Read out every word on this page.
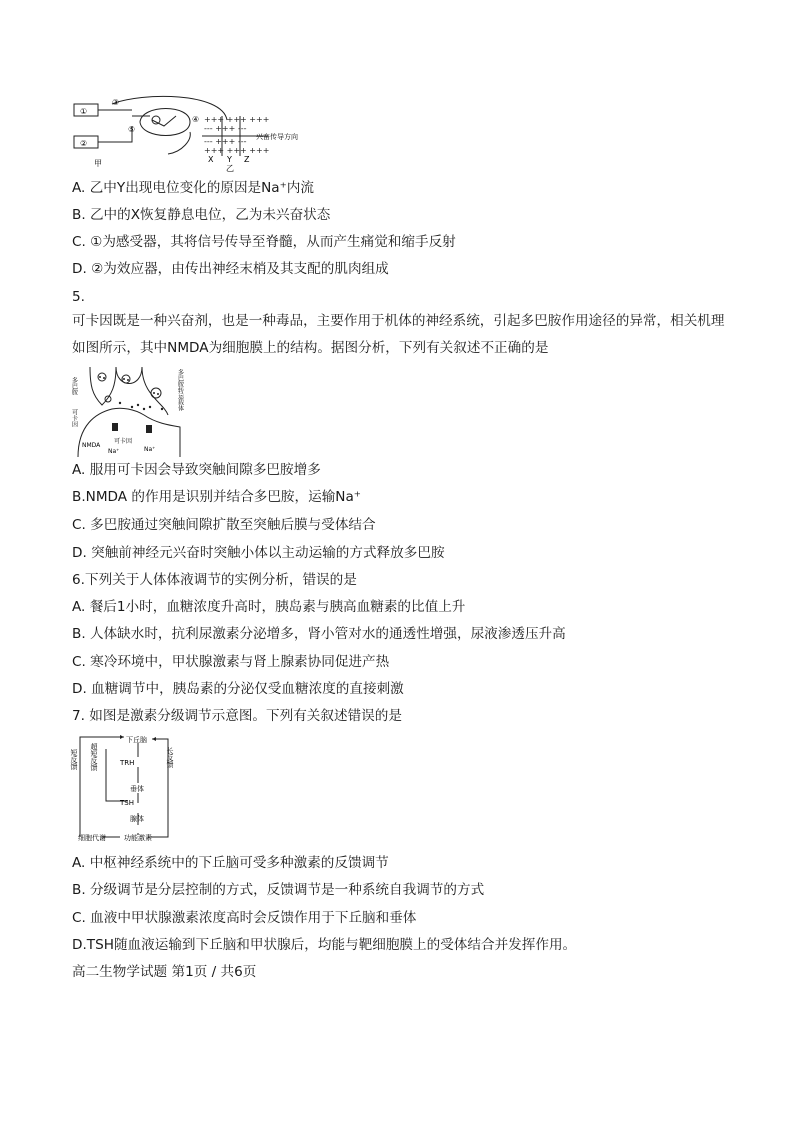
①
②
③
④
⑤
甲
+++ +++ +++
--- +++ ---
--- +++ ---
+++ +++ +++
兴奋传导方向
X Y Z
乙
A. 乙中Y出现电位变化的原因是Na⁺内流
B. 乙中的X恢复静息电位，乙为未兴奋状态
C. ①为感受器，其将信号传导至脊髓，从而产生痛觉和缩手反射
D. ②为效应器，由传出神经末梢及其支配的肌肉组成
5.
可卡因既是一种兴奋剂，也是一种毒品，主要作用于机体的神经系统，引起多巴胺作用途径的异常，相关机理如图所示，其中NMDA为细胞膜上的结构。据图分析，下列有关叙述不正确的是
多巴胺
可卡因
多巴胺转运载体
NMDA
可卡因
Na⁺	Na⁺
A. 服用可卡因会导致突触间隙多巴胺增多
B.NMDA 的作用是识别并结合多巴胺，运输Na⁺
C. 多巴胺通过突触间隙扩散至突触后膜与受体结合
D. 突触前神经元兴奋时突触小体以主动运输的方式释放多巴胺
6.下列关于人体体液调节的实例分析，错误的是
A. 餐后1小时，血糖浓度升高时，胰岛素与胰高血糖素的比值上升
B. 人体缺水时，抗利尿激素分泌增多，肾小管对水的通透性增强，尿液渗透压升高
C. 寒冷环境中，甲状腺激素与肾上腺素协同促进产热
D. 血糖调节中，胰岛素的分泌仅受血糖浓度的直接刺激
7. 如图是激素分级调节示意图。下列有关叙述错误的是
下丘脑
TRH
垂体
TSH
腺体
功能激素
细胞代谢
短反馈 超短反馈	长反馈
A. 中枢神经系统中的下丘脑可受多种激素的反馈调节
B. 分级调节是分层控制的方式，反馈调节是一种系统自我调节的方式
C. 血液中甲状腺激素浓度高时会反馈作用于下丘脑和垂体
D.TSH随血液运输到下丘脑和甲状腺后，均能与靶细胞膜上的受体结合并发挥作用。
高二生物学试题 第1页 / 共6页
